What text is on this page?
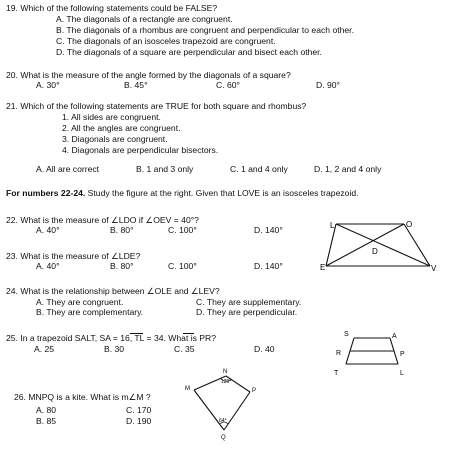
19. Which of the following statements could be FALSE?
A. The diagonals of a rectangle are congruent.
B. The diagonals of a rhombus are congruent and perpendicular to each other.
C. The diagonals of an isosceles trapezoid are congruent.
D. The diagonals of a square are perpendicular and bisect each other.
20. What is the measure of the angle formed by the diagonals of a square?
A. 30°	B. 45°	C. 60°	D. 90°
21. Which of the following statements are TRUE for both square and rhombus?
1. All sides are congruent.
2. All the angles are congruent.
3. Diagonals are congruent.
4. Diagonals are perpendicular bisectors.
A. All are correct	B. 1 and 3 only	C. 1 and 4 only	D. 1, 2 and 4 only
For numbers 22-24. Study the figure at the right. Given that LOVE is an isosceles trapezoid.
22. What is the measure of ∠LDO if ∠OEV = 40°?
A. 40°	B. 80°	C. 100°	D. 140°
23. What is the measure of ∠LDE?
A. 40°	B. 80°	C. 100°	D. 140°
24. What is the relationship between ∠OLE and ∠LEV?
A. They are congruent.
B. They are complementary.
C. They are supplementary.
D. They are perpendicular.
25. In a trapezoid SALT, SA = 16, TL = 34. What is PR?
A. 25	B. 30	C. 35	D. 40
26. MNPQ is a kite. What is m∠M ?
A. 80
B. 85
C. 170
D. 190
L	O
V
E
D
S	A
R	P
T	L
N
M	P
Q
120°
64°
